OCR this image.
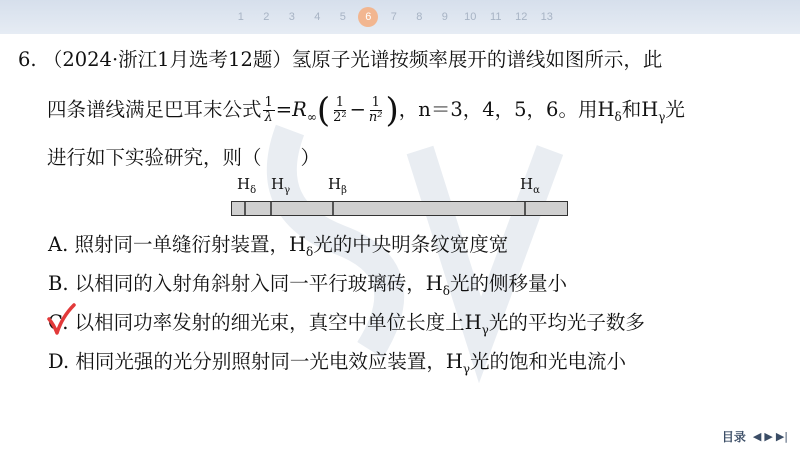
1	2	3	4	5	6	7	8	9	10	11	12	13
6. （2024·浙江1月选考12题）氢原子光谱按频率展开的谱线如图所示，此
四条谱线满足巴耳末公式 $\frac{1}{\lambda} =R_\infty( \frac{1}{\text{2²}} - \frac{1}{\text{n²}}$ )，n＝3，4，5，6。用$H_\delta$和$H_\gamma$光
进行如下实验研究，则（　　）
$H_\delta$ $H_\gamma$	$H_\beta$	$H_\alpha$
A. 照射同一单缝衍射装置，$H_\delta$光的中央明条纹宽度宽
B. 以相同的入射角斜射入同一平行玻璃砖，$H_\delta$光的侧移量小
C. 以相同功率发射的细光束，真空中单位长度上$H_\gamma$光的平均光子数多
D. 相同光强的光分别照射同一光电效应装置，$H_\gamma$光的饱和光电流小
目录 ◀ ▶ ▶|
